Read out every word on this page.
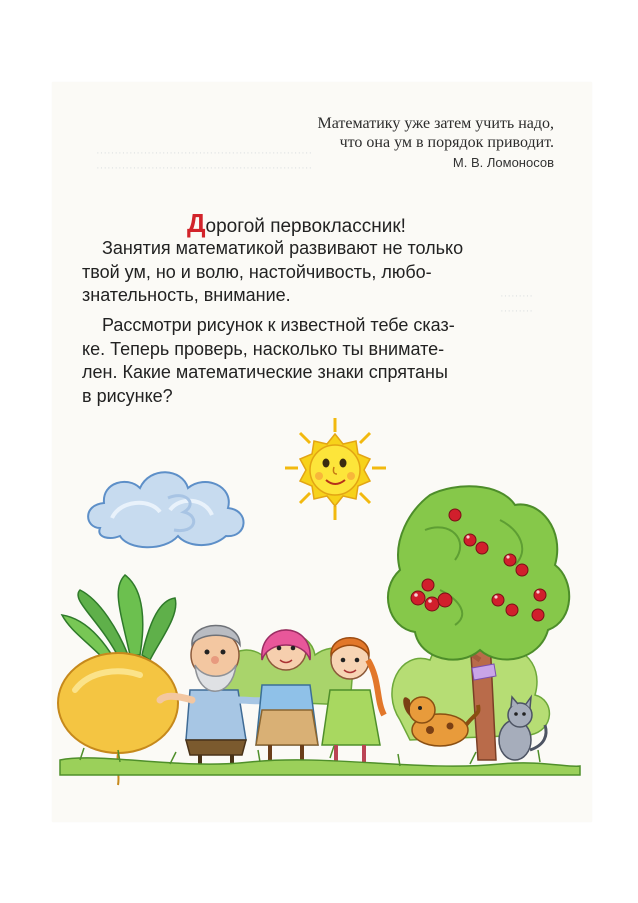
···························································
···························································
·········
·········
Математику уже затем учить надо,
что она ум в порядок приводит.
М. В. Ломоносов
Дорогой первоклассник!
Занятия математикой развивают не только
твой ум, но и волю, настойчивость, любо-
знательность, внимание.
Рассмотри рисунок к известной тебе сказ-
ке. Теперь проверь, насколько ты внимате-
лен. Какие математические знаки спрятаны
в рисунке?
